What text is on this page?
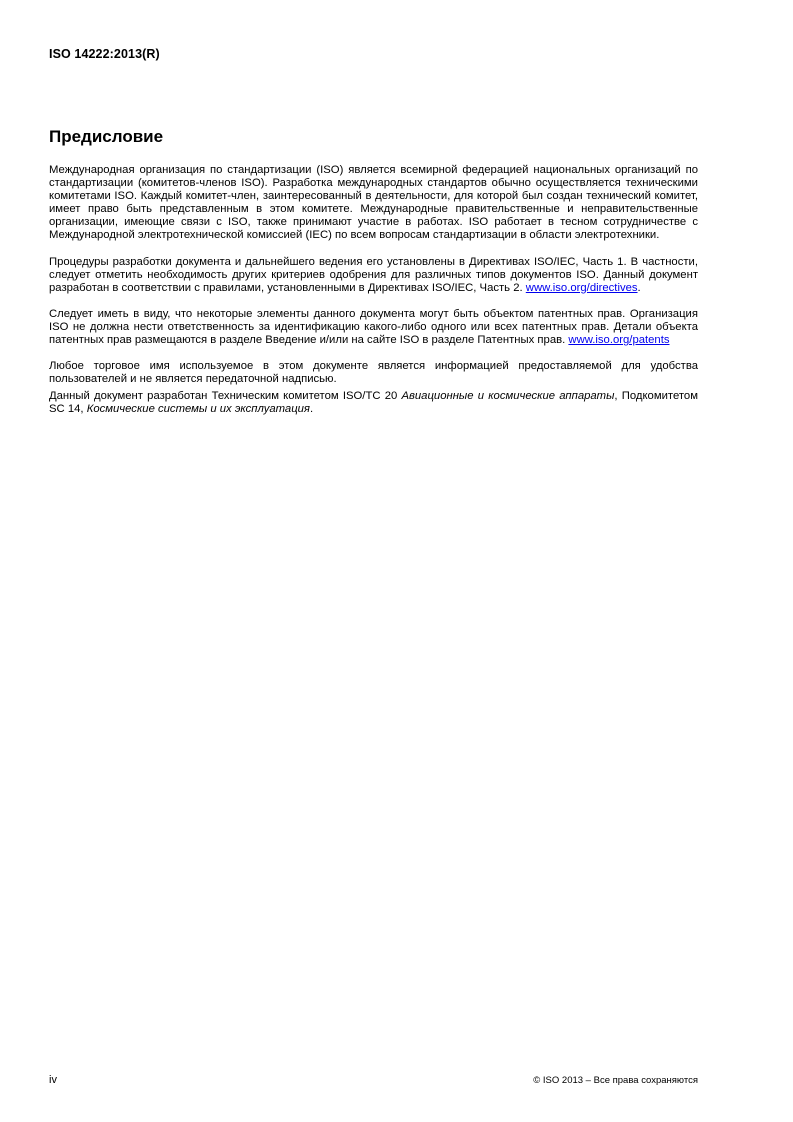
ISO 14222:2013(R)
Предисловие

Международная организация по стандартизации (ISO) является всемирной федерацией национальных организаций по стандартизации (комитетов-членов ISO). Разработка международных стандартов обычно осуществляется техническими комитетами ISO. Каждый комитет-член, заинтересованный в деятельности, для которой был создан технический комитет, имеет право быть представленным в этом комитете. Международные правительственные и неправительственные организации, имеющие связи с ISO, также принимают участие в работах. ISO работает в тесном сотрудничестве с Международной электротехнической комиссией (IEC) по всем вопросам стандартизации в области электротехники.

Процедуры разработки документа и дальнейшего ведения его установлены в Директивах ISO/IEC, Часть 1. В частности, следует отметить необходимость других критериев одобрения для различных типов документов ISO. Данный документ разработан в соответствии с правилами, установленными в Директивах ISO/IEC, Часть 2. www.iso.org/directives.

Следует иметь в виду, что некоторые элементы данного документа могут быть объектом патентных прав. Организация ISO не должна нести ответственность за идентификацию какого-либо одного или всех патентных прав. Детали объекта патентных прав размещаются в разделе Введение и/или на сайте ISO в разделе Патентных прав. www.iso.org/patents

Любое торговое имя используемое в этом документе является информацией предоставляемой для удобства пользователей и не является передаточной надписью.

Данный документ разработан Техническим комитетом ISO/TC 20 Авиационные и космические аппараты, Подкомитетом SC 14, Космические системы и их эксплуатация.

iv	© ISO 2013 – Все права сохраняются
